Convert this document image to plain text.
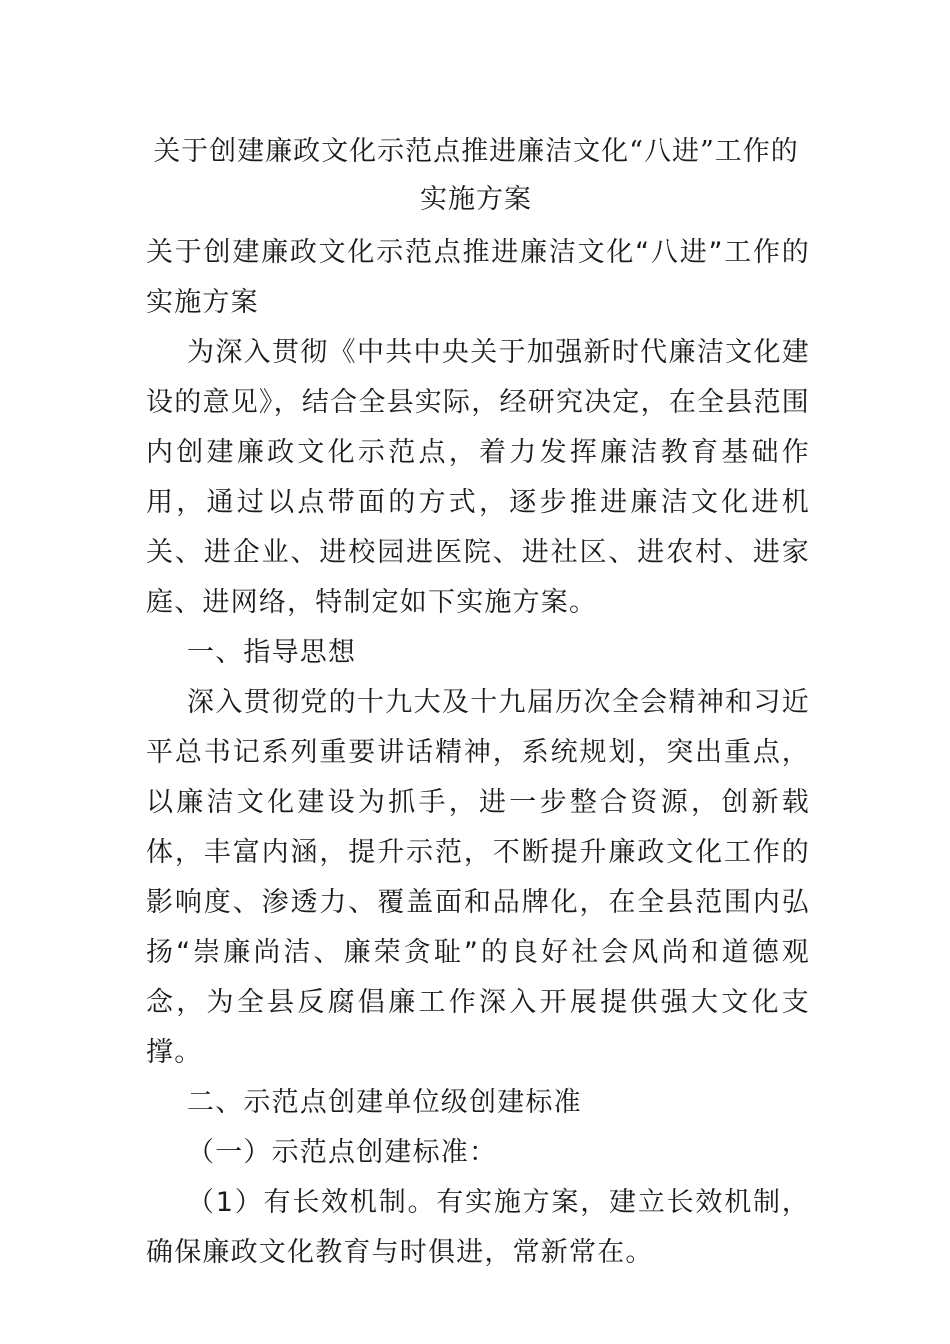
关于创建廉政文化示范点推进廉洁文化“八进”工作的实施方案

关于创建廉政文化示范点推进廉洁文化“八进”工作的实施方案

为深入贯彻《中共中央关于加强新时代廉洁文化建设的意见》，结合全县实际，经研究决定，在全县范围内创建廉政文化示范点，着力发挥廉洁教育基础作用，通过以点带面的方式，逐步推进廉洁文化进机关、进企业、进校园进医院、进社区、进农村、进家庭、进网络，特制定如下实施方案。

一、指导思想

深入贯彻党的十九大及十九届历次全会精神和习近平总书记系列重要讲话精神，系统规划，突出重点，以廉洁文化建设为抓手，进一步整合资源，创新载体，丰富内涵，提升示范，不断提升廉政文化工作的影响度、渗透力、覆盖面和品牌化，在全县范围内弘扬“崇廉尚洁、廉荣贪耻”的良好社会风尚和道德观念，为全县反腐倡廉工作深入开展提供强大文化支撑。

二、示范点创建单位级创建标准

（一）示范点创建标准：

（1）有长效机制。有实施方案，建立长效机制，确保廉政文化教育与时俱进，常新常在。
